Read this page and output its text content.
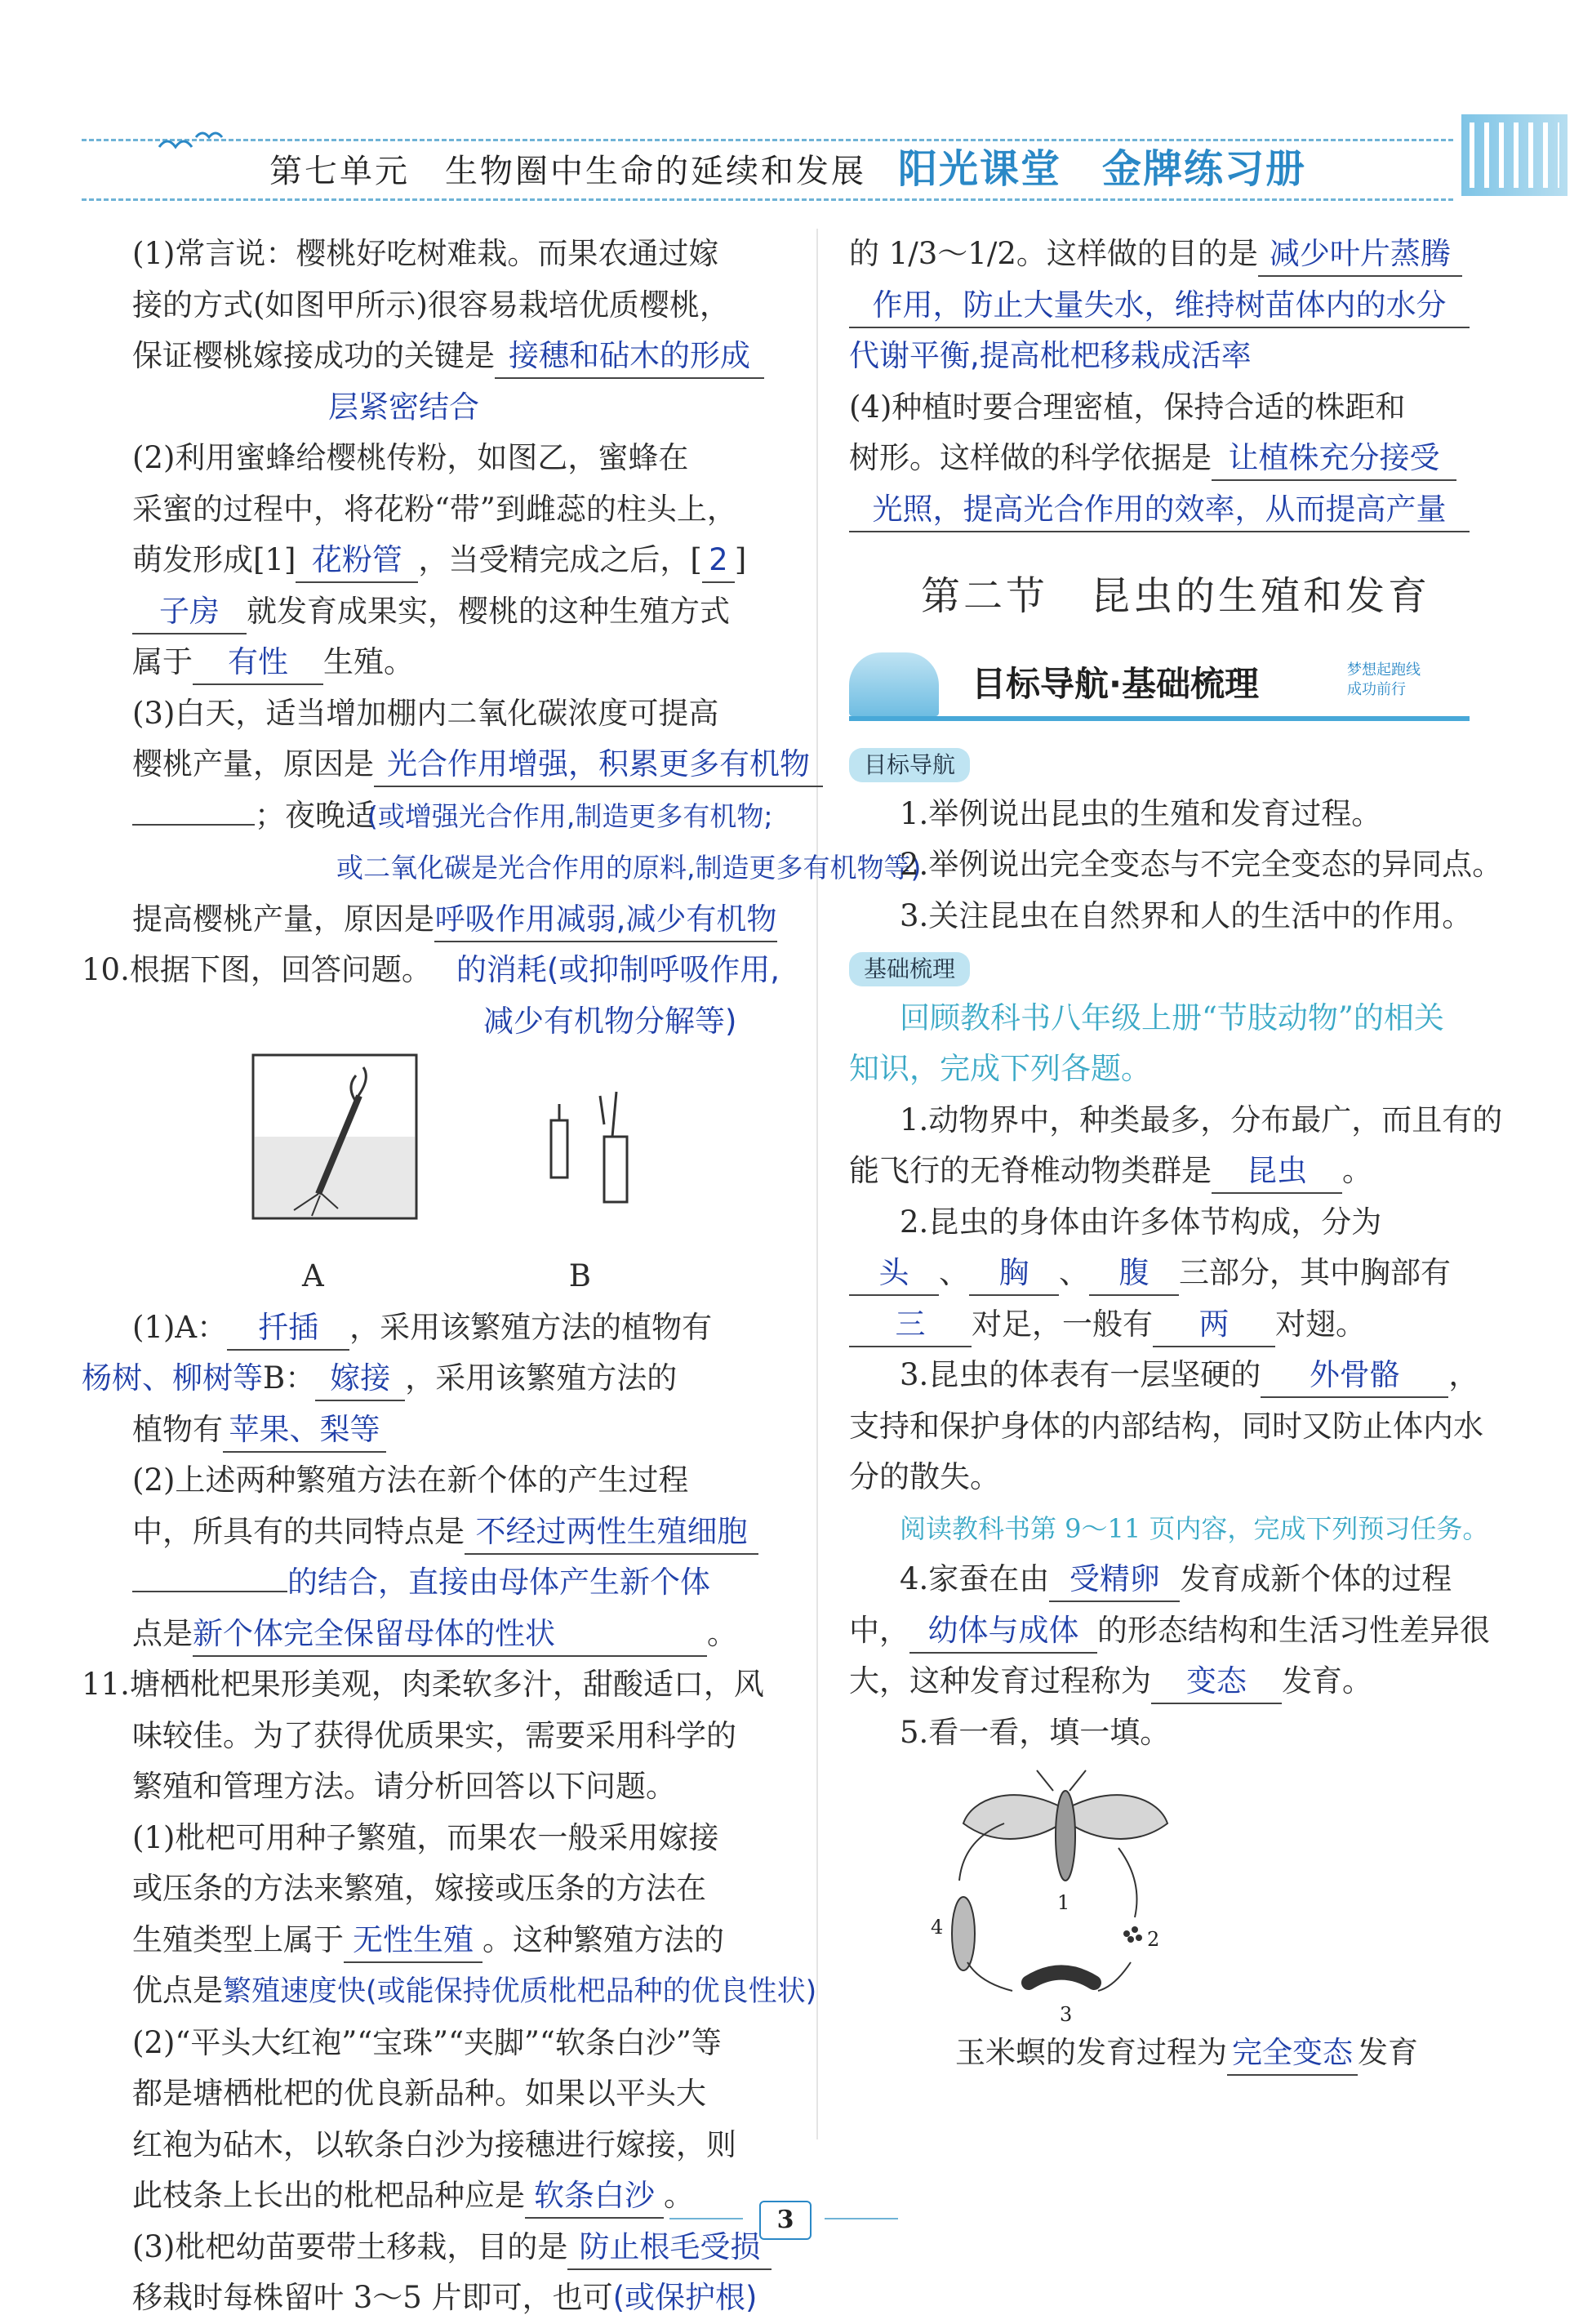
第七单元　生物圈中生命的延续和发展 阳光课堂　金牌练习册

(1)常言说：樱桃好吃树难栽。而果农通过嫁

接的方式(如图甲所示)很容易栽培优质樱桃，

保证樱桃嫁接成功的关键是 接穗和砧木的形成

层紧密结合

(2)利用蜜蜂给樱桃传粉，如图乙，蜜蜂在

采蜜的过程中，将花粉“带”到雌蕊的柱头上，

萌发形成[1] 花粉管 ，当受精完成之后，[ 2 ]

子房 就发育成果实，樱桃的这种生殖方式

属于 有性 生殖。

(3)白天，适当增加棚内二氧化碳浓度可提高

樱桃产量，原因是 光合作用增强，积累更多有机物

；夜晚适(或增强光合作用,制造更多有机物;

或二氧化碳是光合作用的原料,制造更多有机物等)

提高樱桃产量，原因是呼吸作用减弱,减少有机物

10.根据下图，回答问题。 的消耗(或抑制呼吸作用,

减少有机物分解等)

A	B

(1)A： 扦插 ，采用该繁殖方法的植物有

杨树、柳树等B： 嫁接 ，采用该繁殖方法的

植物有 苹果、梨等

(2)上述两种繁殖方法在新个体的产生过程

中，所具有的共同特点是 不经过两性生殖细胞

的结合，直接由母体产生新个体

点是新个体完全保留母体的性状	。

11.塘栖枇杷果形美观，肉柔软多汁，甜酸适口，风

味较佳。为了获得优质果实，需要采用科学的

繁殖和管理方法。请分析回答以下问题。

(1)枇杷可用种子繁殖，而果农一般采用嫁接

或压条的方法来繁殖，嫁接或压条的方法在

生殖类型上属于 无性生殖 。这种繁殖方法的

优点是繁殖速度快(或能保持优质枇杷品种的优良性状)

(2)“平头大红袍”“宝珠”“夹脚”“软条白沙”等

都是塘栖枇杷的优良新品种。如果以平头大

红袍为砧木，以软条白沙为接穗进行嫁接，则

此枝条上长出的枇杷品种应是 软条白沙 。

(3)枇杷幼苗要带土移栽，目的是 防止根毛受损

移栽时每株留叶 3～5 片即可，也可(或保护根)

的 1/3～1/2。这样做的目的是 减少叶片蒸腾

作用，防止大量失水，维持树苗体内的水分

代谢平衡,提高枇杷移栽成活率

(4)种植时要合理密植，保持合适的株距和

树形。这样做的科学依据是 让植株充分接受

光照，提高光合作用的效率，从而提高产量

第二节　昆虫的生殖和发育

目标导航·基础梳理	梦想起跑线
成功前行

目标导航

1.举例说出昆虫的生殖和发育过程。

2.举例说出完全变态与不完全变态的异同点。

3.关注昆虫在自然界和人的生活中的作用。

基础梳理

回顾教科书八年级上册“节肢动物”的相关

知识，完成下列各题。

1.动物界中，种类最多，分布最广，而且有的

能飞行的无脊椎动物类群是 昆虫 。

2.昆虫的身体由许多体节构成，分为

头 、 胸 、 腹 三部分，其中胸部有

三 对足，一般有 两 对翅。

3.昆虫的体表有一层坚硬的 外骨骼 ，

支持和保护身体的内部结构，同时又防止体内水

分的散失。

阅读教科书第 9～11 页内容，完成下列预习任务。

4.家蚕在由 受精卵 发育成新个体的过程

中， 幼体与成体 的形态结构和生活习性差异很

大，这种发育过程称为 变态 发育。

5.看一看，填一填。

1
2
3
4

玉米螟的发育过程为 完全变态 发育

3
